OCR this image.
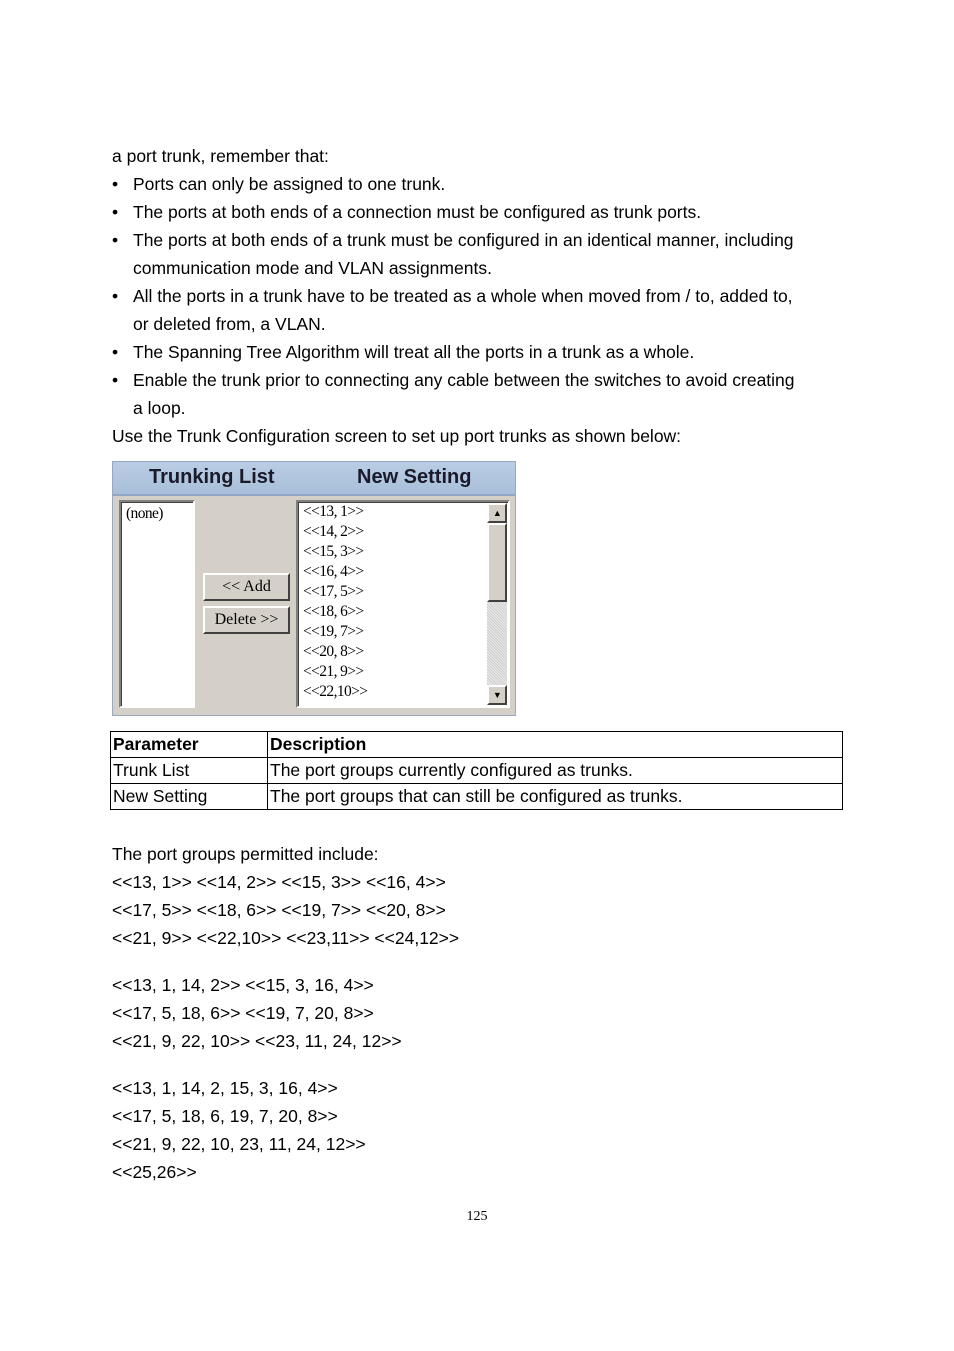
a port trunk, remember that:
• Ports can only be assigned to one trunk.
• The ports at both ends of a connection must be configured as trunk ports.
• The ports at both ends of a trunk must be configured in an identical manner, including
communication mode and VLAN assignments.
• All the ports in a trunk have to be treated as a whole when moved from / to, added to,
or deleted from, a VLAN.
• The Spanning Tree Algorithm will treat all the ports in a trunk as a whole.
• Enable the trunk prior to connecting any cable between the switches to avoid creating
a loop.
Use the Trunk Configuration screen to set up port trunks as shown below:
Trunking List	New Setting
(none)
<< Add
Delete >>
<<13, 1>>
<<14, 2>>
<<15, 3>>
<<16, 4>>
<<17, 5>>
<<18, 6>>
<<19, 7>>
<<20, 8>>
<<21, 9>>
<<22,10>>
▲
▼
Parameter	Description
Trunk List	The port groups currently configured as trunks.
New Setting	The port groups that can still be configured as trunks.
The port groups permitted include:
<<13, 1>> <<14, 2>> <<15, 3>> <<16, 4>>
<<17, 5>> <<18, 6>> <<19, 7>> <<20, 8>>
<<21, 9>> <<22,10>> <<23,11>> <<24,12>>
<<13, 1, 14, 2>> <<15, 3, 16, 4>>
<<17, 5, 18, 6>> <<19, 7, 20, 8>>
<<21, 9, 22, 10>> <<23, 11, 24, 12>>
<<13, 1, 14, 2, 15, 3, 16, 4>>
<<17, 5, 18, 6, 19, 7, 20, 8>>
<<21, 9, 22, 10, 23, 11, 24, 12>>
<<25,26>>
125
